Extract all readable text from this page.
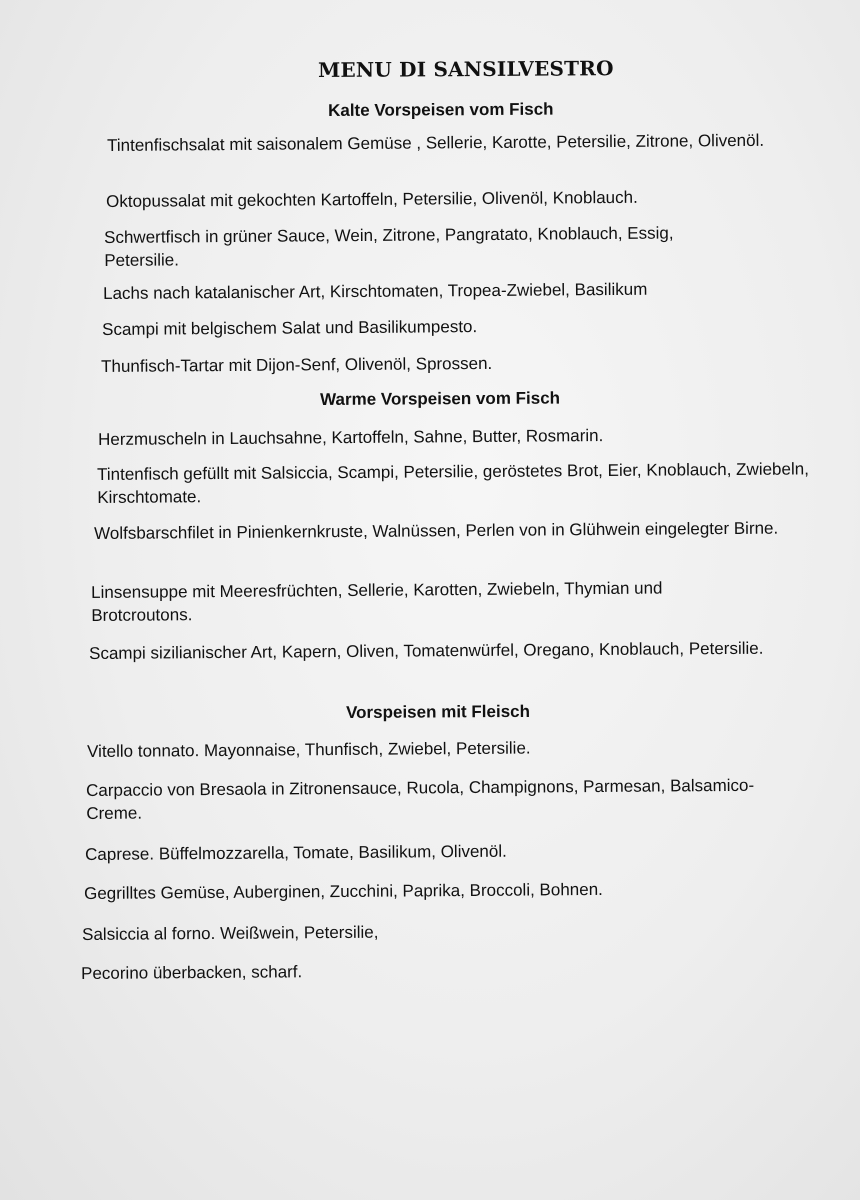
MENU DI SANSILVESTRO
Kalte Vorspeisen vom Fisch
Tintenfischsalat mit saisonalem Gemüse , Sellerie, Karotte, Petersilie, Zitrone, Olivenöl.
Oktopussalat mit gekochten Kartoffeln, Petersilie, Olivenöl, Knoblauch.
Schwertfisch in grüner Sauce, Wein, Zitrone, Pangratato, Knoblauch, Essig, Petersilie.
Lachs nach katalanischer Art, Kirschtomaten, Tropea-Zwiebel, Basilikum
Scampi mit belgischem Salat und Basilikumpesto.
Thunfisch-Tartar mit Dijon-Senf, Olivenöl, Sprossen.
Warme Vorspeisen vom Fisch
Herzmuscheln in Lauchsahne, Kartoffeln, Sahne, Butter, Rosmarin.
Tintenfisch gefüllt mit Salsiccia, Scampi, Petersilie, geröstetes Brot, Eier, Knoblauch, Zwiebeln, Kirschtomate.
Wolfsbarschfilet in Pinienkernkruste, Walnüssen, Perlen von in Glühwein eingelegter Birne.
Linsensuppe mit Meeresfrüchten, Sellerie, Karotten, Zwiebeln, Thymian und Brotcroutons.
Scampi sizilianischer Art, Kapern, Oliven, Tomatenwürfel, Oregano, Knoblauch, Petersilie.
Vorspeisen mit Fleisch
Vitello tonnato. Mayonnaise, Thunfisch, Zwiebel, Petersilie.
Carpaccio von Bresaola in Zitronensauce, Rucola, Champignons, Parmesan, Balsamico-Creme.
Caprese. Büffelmozzarella, Tomate, Basilikum, Olivenöl.
Gegrilltes Gemüse, Auberginen, Zucchini, Paprika, Broccoli, Bohnen.
Salsiccia al forno. Weißwein, Petersilie,
Pecorino überbacken, scharf.
